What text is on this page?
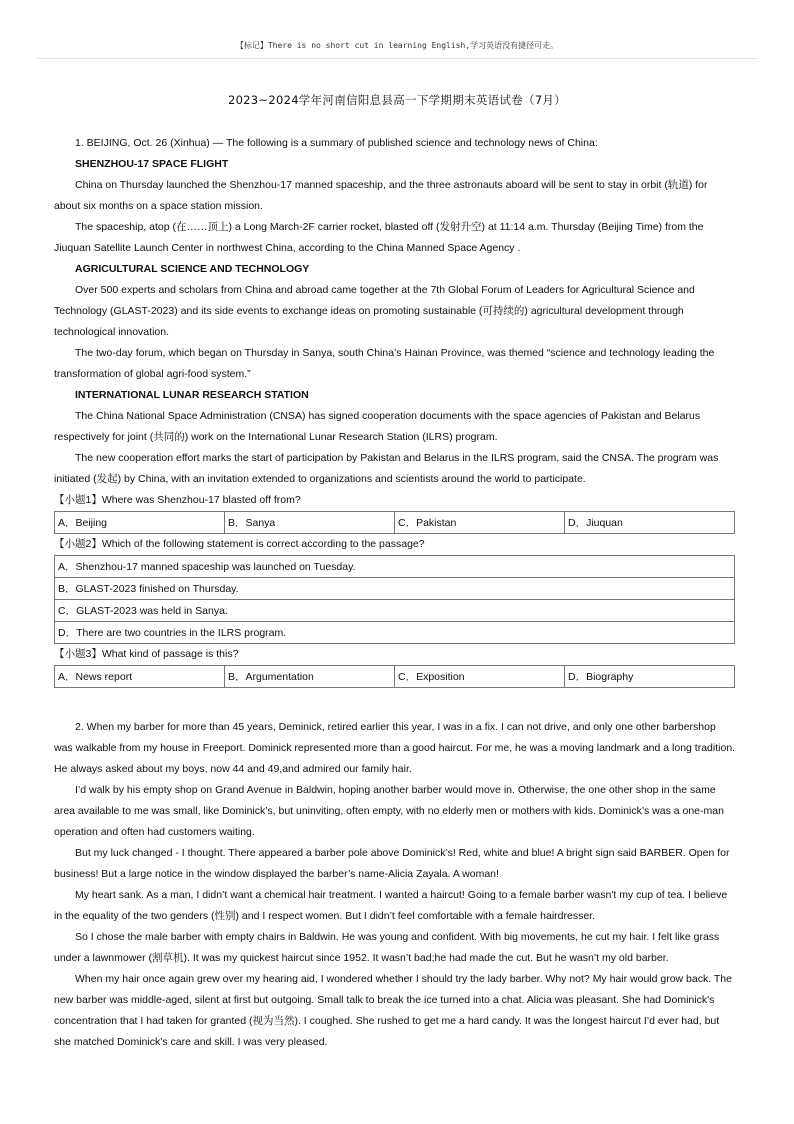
【标记】There is no short cut in learning English,学习英语没有捷径可走。
2023~2024学年河南信阳息县高一下学期期末英语试卷（7月）

1. BEIJING, Oct. 26 (Xinhua) — The following is a summary of published science and technology news of China:

SHENZHOU-17 SPACE FLIGHT

China on Thursday launched the Shenzhou-17 manned spaceship, and the three astronauts aboard will be sent to stay in orbit (轨道) for about six months on a space station mission.

The spaceship, atop (在……顶上) a Long March-2F carrier rocket, blasted off (发射升空) at 11:14 a.m. Thursday (Beijing Time) from the Jiuquan Satellite Launch Center in northwest China, according to the China Manned Space Agency .

AGRICULTURAL SCIENCE AND TECHNOLOGY

Over 500 experts and scholars from China and abroad came together at the 7th Global Forum of Leaders for Agricultural Science and Technology (GLAST-2023) and its side events to exchange ideas on promoting sustainable (可持续的) agricultural development through technological innovation.

The two-day forum, which began on Thursday in Sanya, south China’s Hainan Province, was themed “science and technology leading the transformation of global agri-food system.”

INTERNATIONAL LUNAR RESEARCH STATION

The China National Space Administration (CNSA) has signed cooperation documents with the space agencies of Pakistan and Belarus respectively for joint (共同的) work on the International Lunar Research Station (ILRS) program.

The new cooperation effort marks the start of participation by Pakistan and Belarus in the ILRS program, said the CNSA. The program was initiated (发起) by China, with an invitation extended to organizations and scientists around the world to participate.

【小题1】Where was Shenzhou-17 blasted off from?
A．Beijing	B．Sanya	C．Pakistan	D．Jiuquan
【小题2】Which of the following statement is correct according to the passage?
A．Shenzhou-17 manned spaceship was launched on Tuesday.
B．GLAST-2023 finished on Thursday.
C．GLAST-2023 was held in Sanya.
D．There are two countries in the ILRS program.
【小题3】What kind of passage is this?
A．News report	B．Argumentation	C．Exposition	D．Biography

2. When my barber for more than 45 years, Deminick, retired earlier this year, I was in a fix. I can not drive, and only one other barbershop was walkable from my house in Freeport. Dominick represented more than a good haircut. For me, he was a moving landmark and a long tradition. He always asked about my boys, now 44 and 49,and admired our family hair.

I’d walk by his empty shop on Grand Avenue in Baldwin, hoping another barber would move in. Otherwise, the one other shop in the same area available to me was small, like Dominick’s, but uninviting, often empty, with no elderly men or mothers with kids. Dominick’s was a one-man operation and often had customers waiting.

But my luck changed - I thought. There appeared a barber pole above Dominick’s! Red, white and blue! A bright sign said BARBER. Open for business! But a large notice in the window displayed the barber’s name-Alicia Zayala. A woman!

My heart sank. As a man, I didn’t want a chemical hair treatment. I wanted a haircut! Going to a female barber wasn't my cup of tea. I believe in the equality of the two genders (性别) and I respect women. But I didn’t feel comfortable with a female hairdresser.

So I chose the male barber with empty chairs in Baldwin. He was young and confident. With big movements, he cut my hair. I felt like grass under a lawnmower (割草机). It was my quickest haircut since 1952. It wasn’t bad;he had made the cut. But he wasn’t my old barber.

When my hair once again grew over my hearing aid, I wondered whether I should try the lady barber. Why not? My hair would grow back. The new barber was middle-aged, silent at first but outgoing. Small talk to break the ice turned into a chat. Alicia was pleasant. She had Dominick's concentration that I had taken for granted (视为当然). I coughed. She rushed to get me a hard candy. It was the longest haircut I’d ever had, but she matched Dominick’s care and skill. I was very pleased.
